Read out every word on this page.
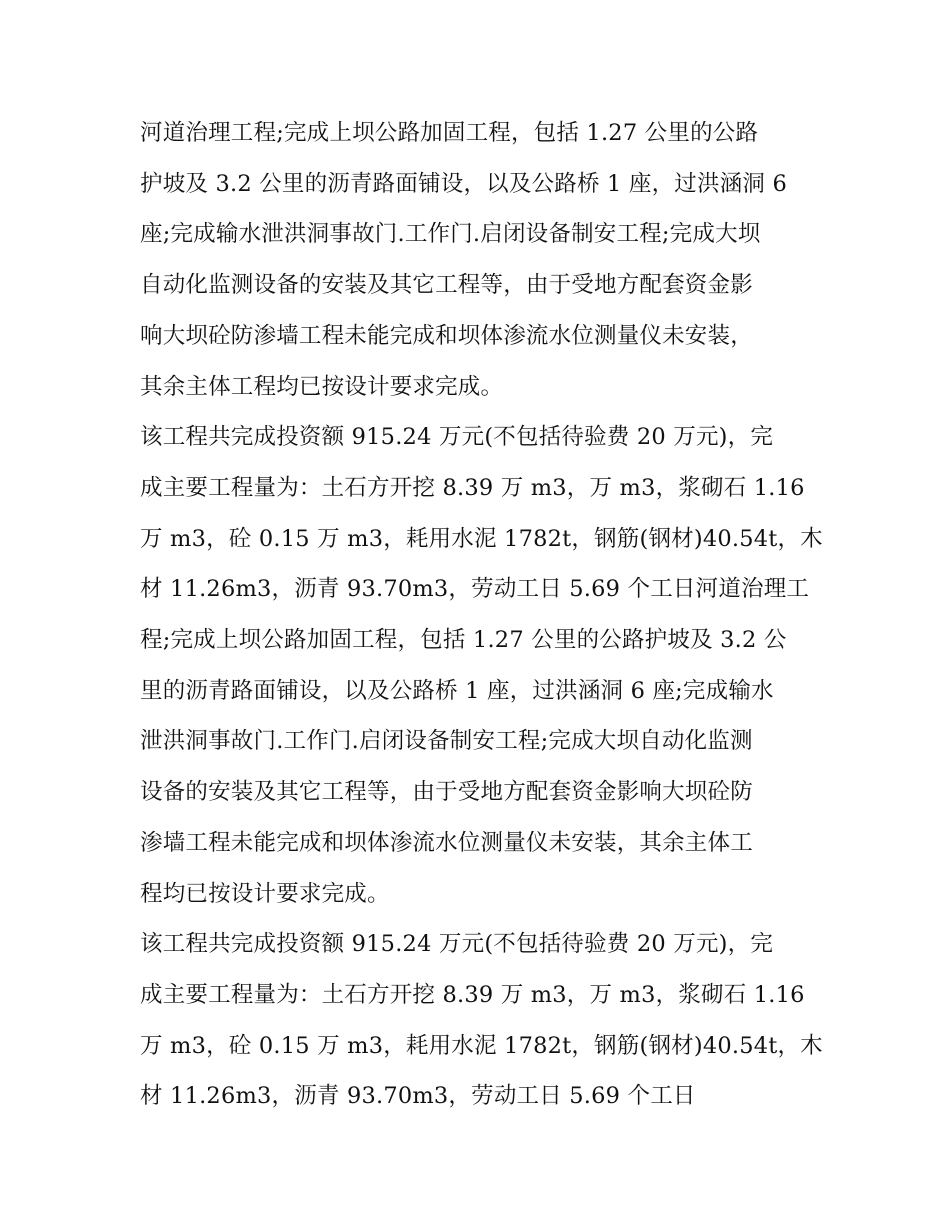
河道治理工程;完成上坝公路加固工程，包括 1.27 公里的公路
护坡及 3.2 公里的沥青路面铺设，以及公路桥 1 座，过洪涵洞 6
座;完成输水泄洪洞事故门.工作门.启闭设备制安工程;完成大坝
自动化监测设备的安装及其它工程等，由于受地方配套资金影
响大坝砼防渗墙工程未能完成和坝体渗流水位测量仪未安装，
其余主体工程均已按设计要求完成。
该工程共完成投资额 915.24 万元(不包括待验费 20 万元)，完
成主要工程量为：土石方开挖 8.39 万 m3，万 m3，浆砌石 1.16
万 m3，砼 0.15 万 m3，耗用水泥 1782t，钢筋(钢材)40.54t，木
材 11.26m3，沥青 93.70m3，劳动工日 5.69 个工日河道治理工
程;完成上坝公路加固工程，包括 1.27 公里的公路护坡及 3.2 公
里的沥青路面铺设，以及公路桥 1 座，过洪涵洞 6 座;完成输水
泄洪洞事故门.工作门.启闭设备制安工程;完成大坝自动化监测
设备的安装及其它工程等，由于受地方配套资金影响大坝砼防
渗墙工程未能完成和坝体渗流水位测量仪未安装，其余主体工
程均已按设计要求完成。
该工程共完成投资额 915.24 万元(不包括待验费 20 万元)，完
成主要工程量为：土石方开挖 8.39 万 m3，万 m3，浆砌石 1.16
万 m3，砼 0.15 万 m3，耗用水泥 1782t，钢筋(钢材)40.54t，木
材 11.26m3，沥青 93.70m3，劳动工日 5.69 个工日
